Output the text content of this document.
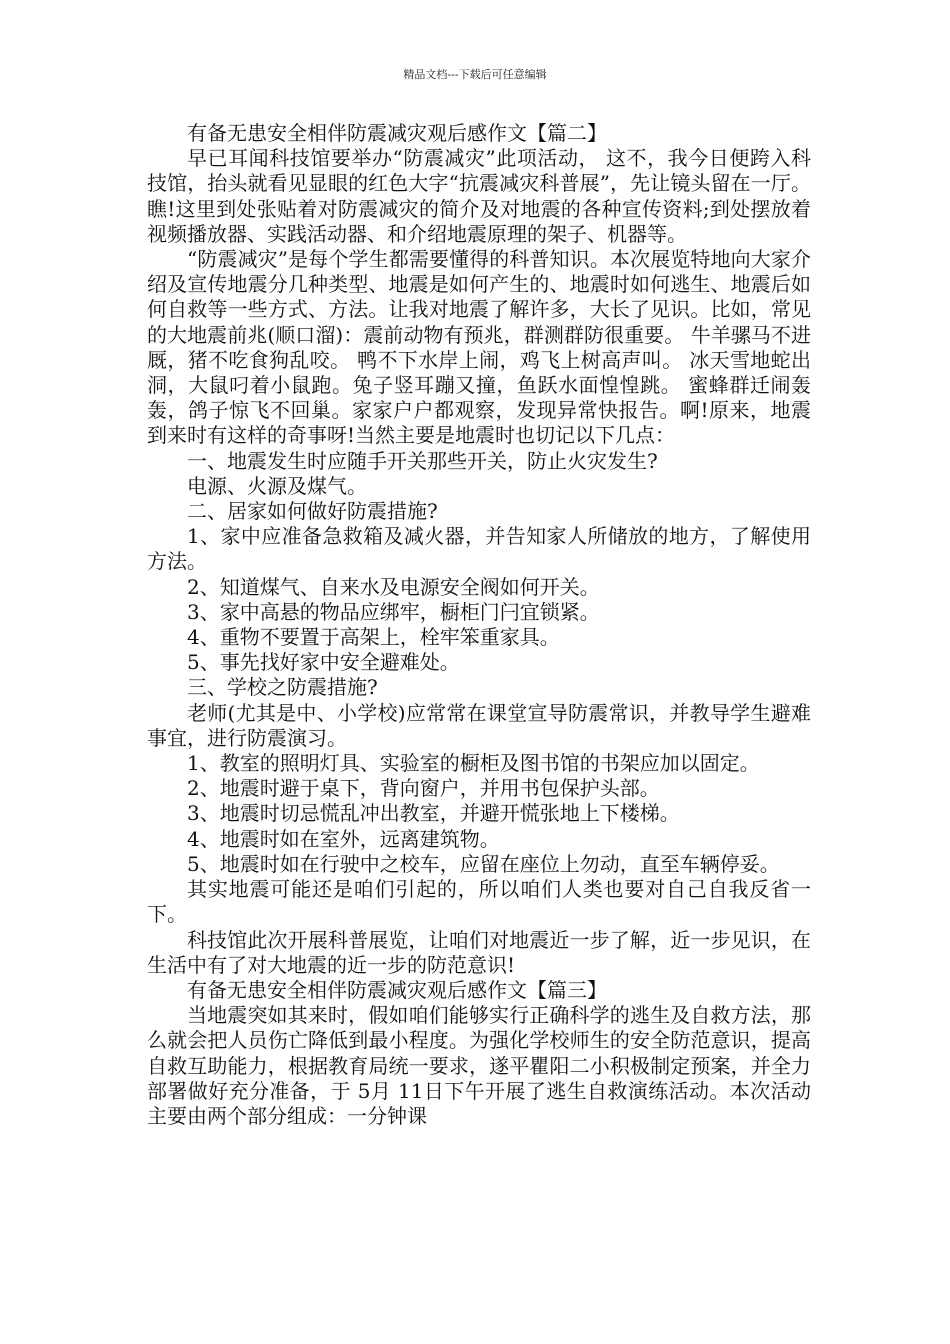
精品文档---下载后可任意编辑

有备无患安全相伴防震减灾观后感作文【篇二】

早已耳闻科技馆要举办“防震减灾”此项活动， 这不，我今日便跨入科技馆，抬头就看见显眼的红色大字“抗震减灾科普展”，先让镜头留在一厅。瞧!这里到处张贴着对防震减灾的简介及对地震的各种宣传资料;到处摆放着视频播放器、实践活动器、和介绍地震原理的架子、机器等。

“防震减灾”是每个学生都需要懂得的科普知识。本次展览特地向大家介绍及宣传地震分几种类型、地震是如何产生的、地震时如何逃生、地震后如何自救等一些方式、方法。让我对地震了解许多，大长了见识。比如，常见的大地震前兆(顺口溜)：震前动物有预兆，群测群防很重要。 牛羊骡马不进厩，猪不吃食狗乱咬。 鸭不下水岸上闹，鸡飞上树高声叫。 冰天雪地蛇出洞，大鼠叼着小鼠跑。兔子竖耳蹦又撞，鱼跃水面惶惶跳。 蜜蜂群迁闹轰轰，鸽子惊飞不回巢。家家户户都观察，发现异常快报告。啊!原来，地震到来时有这样的奇事呀!当然主要是地震时也切记以下几点：

一、地震发生时应随手开关那些开关，防止火灾发生?

电源、火源及煤气。

二、居家如何做好防震措施?

1、家中应准备急救箱及减火器，并告知家人所储放的地方，了解使用方法。

2、知道煤气、自来水及电源安全阀如何开关。

3、家中高悬的物品应绑牢，橱柜门闩宜锁紧。

4、重物不要置于高架上，栓牢笨重家具。

5、事先找好家中安全避难处。

三、学校之防震措施?

老师(尤其是中、小学校)应常常在课堂宣导防震常识，并教导学生避难事宜，进行防震演习。

1、教室的照明灯具、实验室的橱柜及图书馆的书架应加以固定。

2、地震时避于桌下，背向窗户，并用书包保护头部。

3、地震时切忌慌乱冲出教室，并避开慌张地上下楼梯。

4、地震时如在室外，远离建筑物。

5、地震时如在行驶中之校车，应留在座位上勿动，直至车辆停妥。

其实地震可能还是咱们引起的，所以咱们人类也要对自己自我反省一下。

科技馆此次开展科普展览，让咱们对地震近一步了解，近一步见识，在生活中有了对大地震的近一步的防范意识!

有备无患安全相伴防震减灾观后感作文【篇三】

当地震突如其来时，假如咱们能够实行正确科学的逃生及自救方法，那么就会把人员伤亡降低到最小程度。为强化学校师生的安全防范意识，提高自救互助能力，根据教育局统一要求，遂平瞿阳二小积极制定预案，并全力部署做好充分准备，于 5月 11日下午开展了逃生自救演练活动。本次活动主要由两个部分组成：一分钟课
